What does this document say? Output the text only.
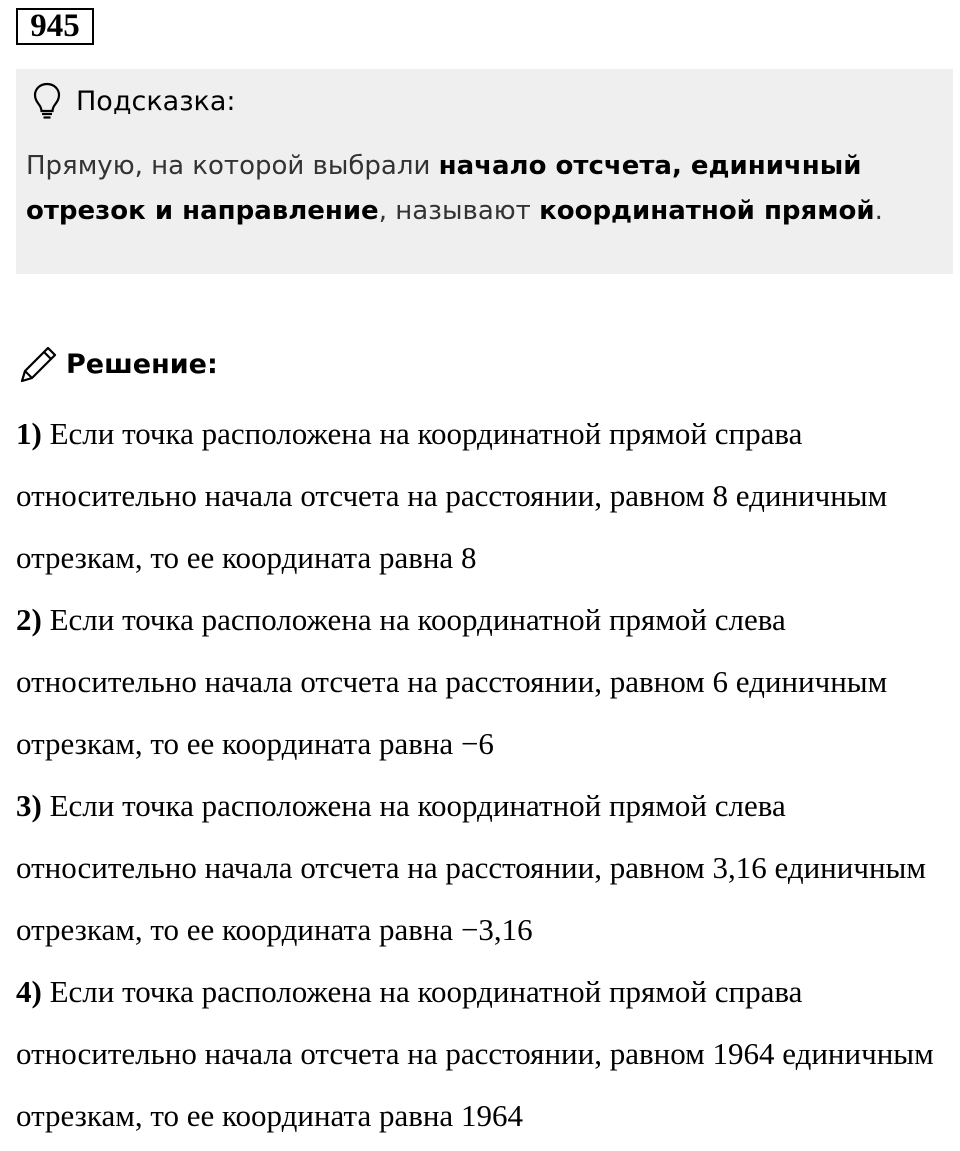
945
Подсказка:
Прямую, на которой выбрали начало отсчета, единичный отрезок и направление, называют координатной прямой.
Решение:

1) Если точка расположена на координатной прямой справа относительно начала отсчета на расстоянии, равном 8 единичным отрезкам, то ее координата равна 8

2) Если точка расположена на координатной прямой слева относительно начала отсчета на расстоянии, равном 6 единичным отрезкам, то ее координата равна −6

3) Если точка расположена на координатной прямой слева относительно начала отсчета на расстоянии, равном 3,16 единичным отрезкам, то ее координата равна −3,16

4) Если точка расположена на координатной прямой справа относительно начала отсчета на расстоянии, равном 1964 единичным отрезкам, то ее координата равна 1964
